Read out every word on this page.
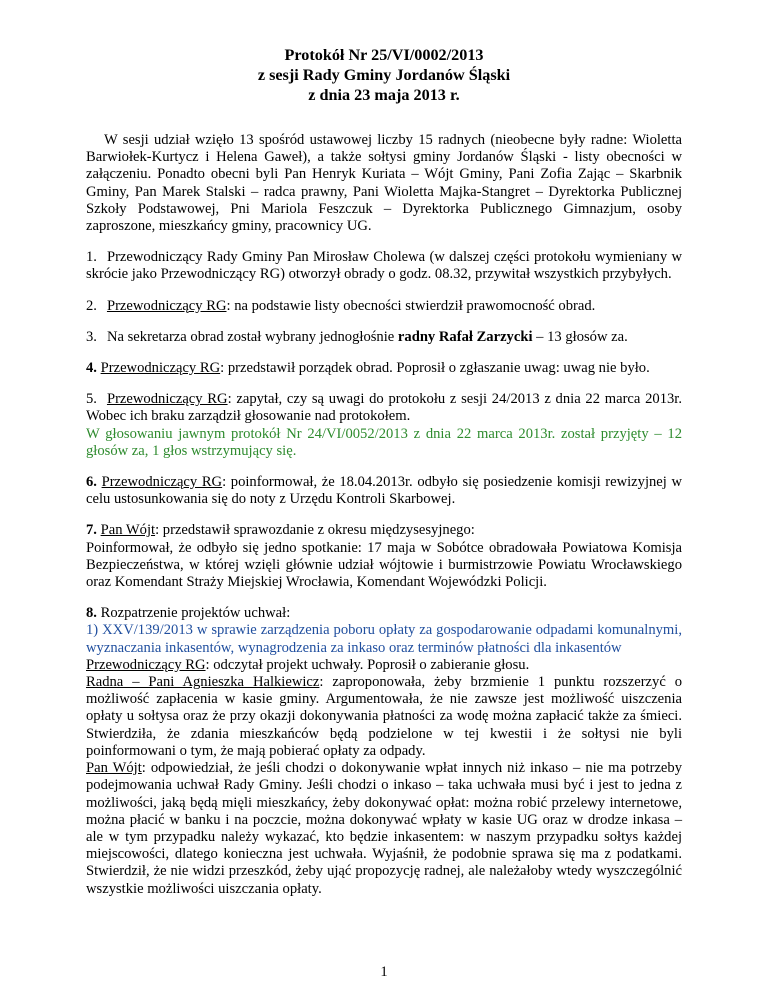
Protokół Nr 25/VI/0002/2013
z sesji Rady Gminy Jordanów Śląski
z dnia 23 maja 2013 r.

W sesji udział wzięło 13 spośród ustawowej liczby 15 radnych (nieobecne były radne: Wioletta Barwiołek-Kurtycz i Helena Gaweł), a także sołtysi gminy Jordanów Śląski - listy obecności w załączeniu. Ponadto obecni byli Pan Henryk Kuriata – Wójt Gminy, Pani Zofia Zając – Skarbnik Gminy, Pan Marek Stalski – radca prawny, Pani Wioletta Majka-Stangret – Dyrektorka Publicznej Szkoły Podstawowej, Pni Mariola Feszczuk – Dyrektorka Publicznego Gimnazjum, osoby zaproszone, mieszkańcy gminy, pracownicy UG.

1. Przewodniczący Rady Gminy Pan Mirosław Cholewa (w dalszej części protokołu wymieniany w skrócie jako Przewodniczący RG) otworzył obrady o godz. 08.32, przywitał wszystkich przybyłych.

2. Przewodniczący RG: na podstawie listy obecności stwierdził prawomocność obrad.

3. Na sekretarza obrad został wybrany jednogłośnie radny Rafał Zarzycki – 13 głosów za.

4. Przewodniczący RG: przedstawił porządek obrad. Poprosił o zgłaszanie uwag: uwag nie było.

5. Przewodniczący RG: zapytał, czy są uwagi do protokołu z sesji 24/2013 z dnia 22 marca 2013r. Wobec ich braku zarządził głosowanie nad protokołem.

W głosowaniu jawnym protokół Nr 24/VI/0052/2013 z dnia 22 marca 2013r. został przyjęty – 12 głosów za, 1 głos wstrzymujący się.

6. Przewodniczący RG: poinformował, że 18.04.2013r. odbyło się posiedzenie komisji rewizyjnej w celu ustosunkowania się do noty z Urzędu Kontroli Skarbowej.

7. Pan Wójt: przedstawił sprawozdanie z okresu międzysesyjnego:

Poinformował, że odbyło się jedno spotkanie: 17 maja w Sobótce obradowała Powiatowa Komisja Bezpieczeństwa, w której wzięli głównie udział wójtowie i burmistrzowie Powiatu Wrocławskiego oraz Komendant Straży Miejskiej Wrocławia, Komendant Wojewódzki Policji.

8. Rozpatrzenie projektów uchwał:

1) XXV/139/2013 w sprawie zarządzenia poboru opłaty za gospodarowanie odpadami komunalnymi, wyznaczania inkasentów, wynagrodzenia za inkaso oraz terminów płatności dla inkasentów

Przewodniczący RG: odczytał projekt uchwały. Poprosił o zabieranie głosu.

Radna – Pani Agnieszka Halkiewicz: zaproponowała, żeby brzmienie 1 punktu rozszerzyć o możliwość zapłacenia w kasie gminy. Argumentowała, że nie zawsze jest możliwość uiszczenia opłaty u sołtysa oraz że przy okazji dokonywania płatności za wodę można zapłacić także za śmieci. Stwierdziła, że zdania mieszkańców będą podzielone w tej kwestii i że sołtysi nie byli poinformowani o tym, że mają pobierać opłaty za odpady.

Pan Wójt: odpowiedział, że jeśli chodzi o dokonywanie wpłat innych niż inkaso – nie ma potrzeby podejmowania uchwał Rady Gminy. Jeśli chodzi o inkaso – taka uchwała musi być i jest to jedna z możliwości, jaką będą mięli mieszkańcy, żeby dokonywać opłat: można robić przelewy internetowe, można płacić w banku i na poczcie, można dokonywać wpłaty w kasie UG oraz w drodze inkasa – ale w tym przypadku należy wykazać, kto będzie inkasentem: w naszym przypadku sołtys każdej miejscowości, dlatego konieczna jest uchwała. Wyjaśnił, że podobnie sprawa się ma z podatkami. Stwierdził, że nie widzi przeszkód, żeby ująć propozycję radnej, ale należałoby wtedy wyszczególnić wszystkie możliwości uiszczania opłaty.

1
